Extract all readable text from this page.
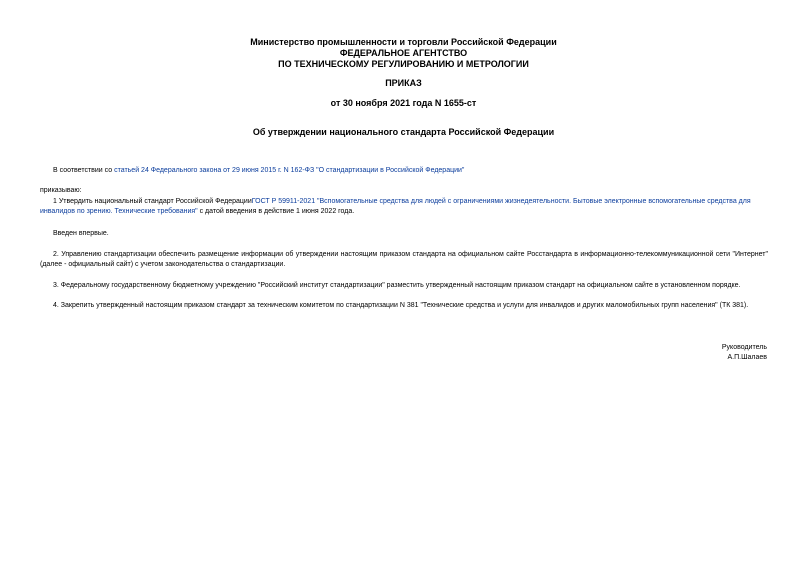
Министерство промышленности и торговли Российской Федерации
ФЕДЕРАЛЬНОЕ АГЕНТСТВО
ПО ТЕХНИЧЕСКОМУ РЕГУЛИРОВАНИЮ И МЕТРОЛОГИИ
ПРИКАЗ
от 30 ноября 2021 года N 1655-ст
Об утверждении национального стандарта Российской Федерации
В соответствии со статьей 24 Федерального закона от 29 июня 2015 г. N 162-ФЗ "О стандартизации в Российской Федерации"
приказываю:
1 Утвердить национальный стандарт Российской ФедерацииГОСТ Р 59911-2021 "Вспомогательные средства для людей с ограничениями жизнедеятельности. Бытовые электронные вспомогательные средства для инвалидов по зрению. Технические требования" с датой введения в действие 1 июня 2022 года.
Введен впервые.
2. Управлению стандартизации обеспечить размещение информации об утверждении настоящим приказом стандарта на официальном сайте Росстандарта в информационно-телекоммуникационной сети "Интернет" (далее - официальный сайт) с учетом законодательства о стандартизации.
3. Федеральному государственному бюджетному учреждению "Российский институт стандартизации" разместить утвержденный настоящим приказом стандарт на официальном сайте в установленном порядке.
4. Закрепить утвержденный настоящим приказом стандарт за техническим комитетом по стандартизации N 381 "Технические средства и услуги для инвалидов и других маломобильных групп населения" (ТК 381).
Руководитель
А.П.Шалаев
